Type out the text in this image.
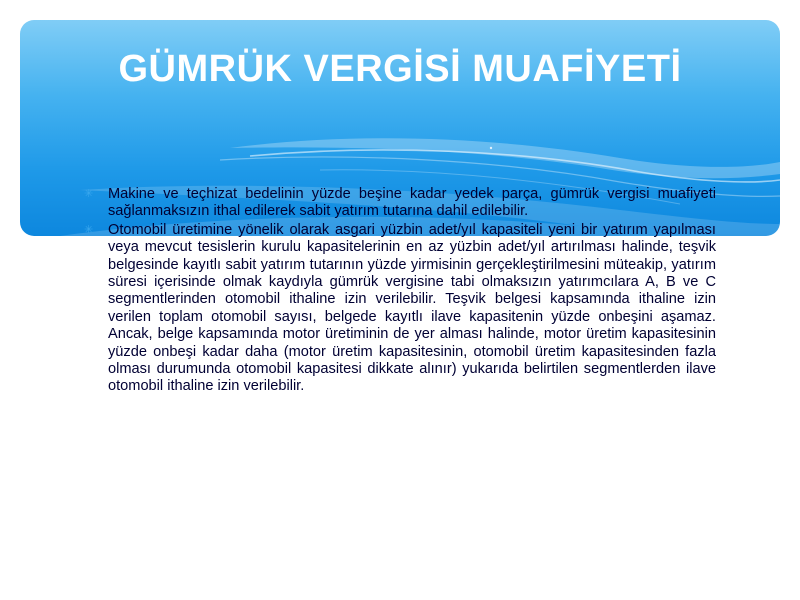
GÜMRÜK VERGİSİ MUAFİYETİ
✳ Makine ve teçhizat bedelinin yüzde beşine kadar yedek parça, gümrük vergisi muafiyeti sağlanmaksızın ithal edilerek sabit yatırım tutarına dahil edilebilir.
✳ Otomobil üretimine yönelik olarak asgari yüzbin adet/yıl kapasiteli yeni bir yatırım yapılması veya mevcut tesislerin kurulu kapasitelerinin en az yüzbin adet/yıl artırılması halinde, teşvik belgesinde kayıtlı sabit yatırım tutarının yüzde yirmisinin gerçekleştirilmesini müteakip, yatırım süresi içerisinde olmak kaydıyla gümrük vergisine tabi olmaksızın yatırımcılara A, B ve C segmentlerinden otomobil ithaline izin verilebilir. Teşvik belgesi kapsamında ithaline izin verilen toplam otomobil sayısı, belgede kayıtlı ilave kapasitenin yüzde onbeşini aşamaz. Ancak, belge kapsamında motor üretiminin de yer alması halinde, motor üretim kapasitesinin yüzde onbeşi kadar daha (motor üretim kapasitesinin, otomobil üretim kapasitesinden fazla olması durumunda otomobil kapasitesi dikkate alınır) yukarıda belirtilen segmentlerden ilave otomobil ithaline izin verilebilir.
